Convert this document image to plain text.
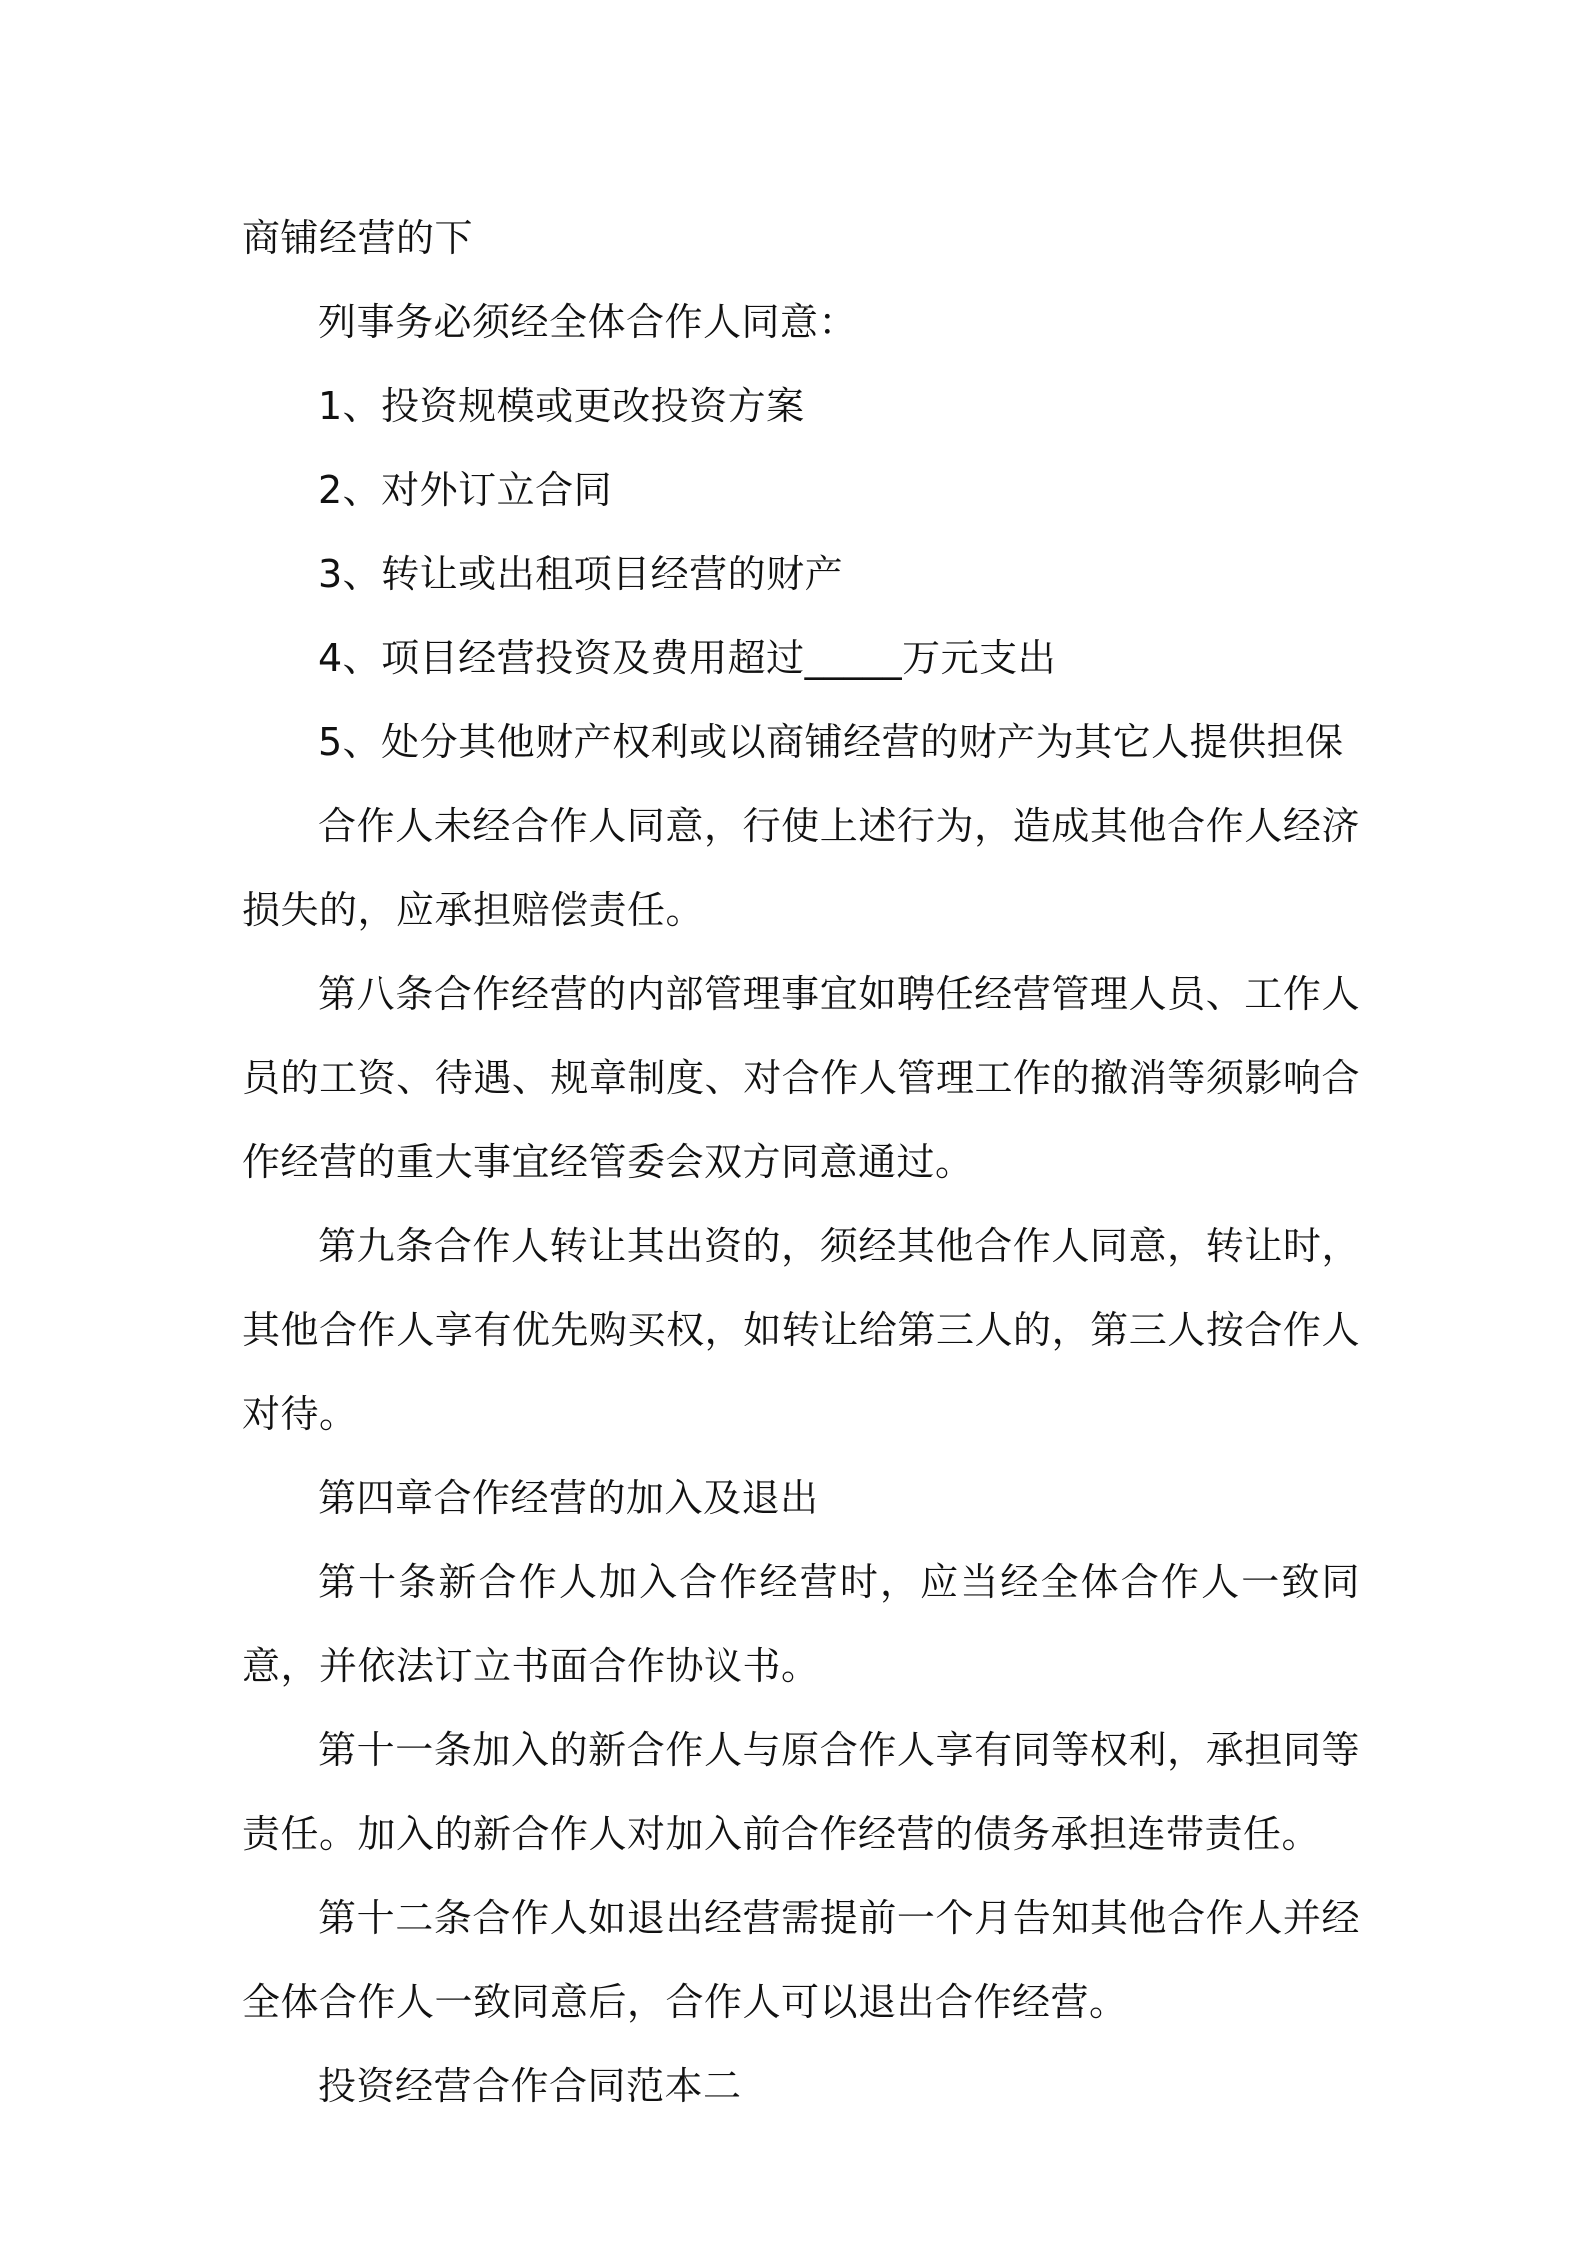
商铺经营的下

列事务必须经全体合作人同意：

1、投资规模或更改投资方案

2、对外订立合同

3、转让或出租项目经营的财产

4、项目经营投资及费用超过_____万元支出

5、处分其他财产权利或以商铺经营的财产为其它人提供担保

合作人未经合作人同意，行使上述行为，造成其他合作人经济损失的，应承担赔偿责任。

第八条合作经营的内部管理事宜如聘任经营管理人员、工作人员的工资、待遇、规章制度、对合作人管理工作的撤消等须影响合作经营的重大事宜经管委会双方同意通过。

第九条合作人转让其出资的，须经其他合作人同意，转让时，其他合作人享有优先购买权，如转让给第三人的，第三人按合作人对待。

第四章合作经营的加入及退出

第十条新合作人加入合作经营时，应当经全体合作人一致同意，并依法订立书面合作协议书。

第十一条加入的新合作人与原合作人享有同等权利，承担同等责任。加入的新合作人对加入前合作经营的债务承担连带责任。

第十二条合作人如退出经营需提前一个月告知其他合作人并经全体合作人一致同意后，合作人可以退出合作经营。

投资经营合作合同范本二
